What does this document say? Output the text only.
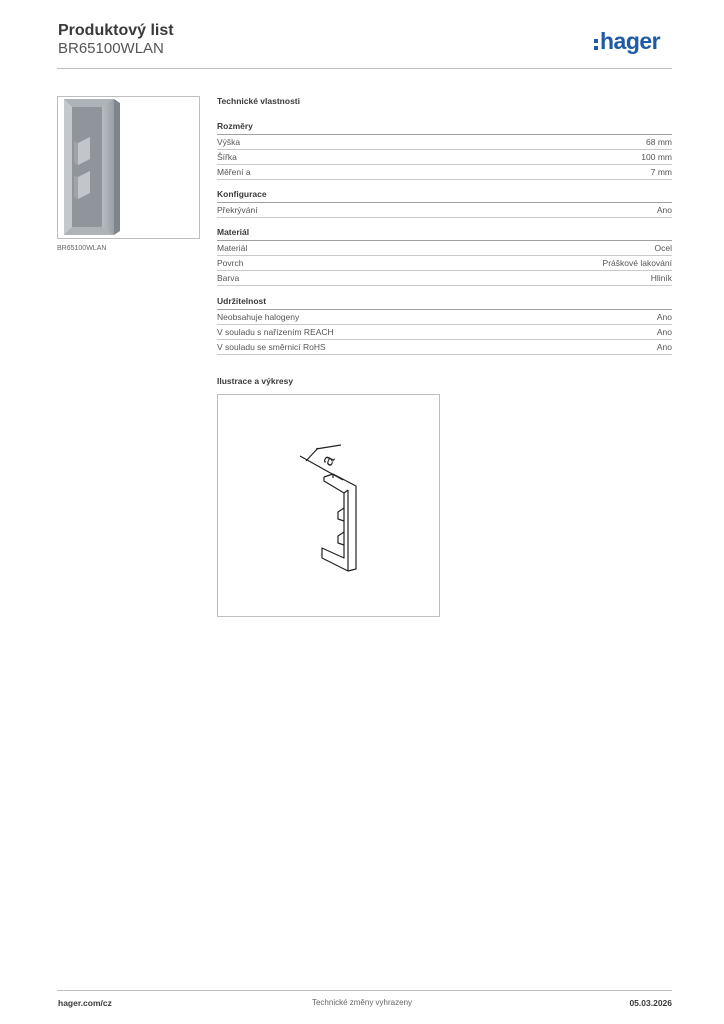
Produktový list
BR65100WLAN	hager
BR65100WLAN
Technické vlastnosti
Rozměry
Výška	68 mm
Šířka	100 mm
Měření a	7 mm
Konfigurace
Překrývání	Ano
Materiál
Materiál	Ocel
Povrch	Práškové lakování
Barva	Hliník
Udržitelnost
Neobsahuje halogeny	Ano
V souladu s nařízením REACH	Ano
V souladu se směrnicí RoHS	Ano
Ilustrace a výkresy
a
hager.com/cz	Technické změny vyhrazeny	05.03.2026
